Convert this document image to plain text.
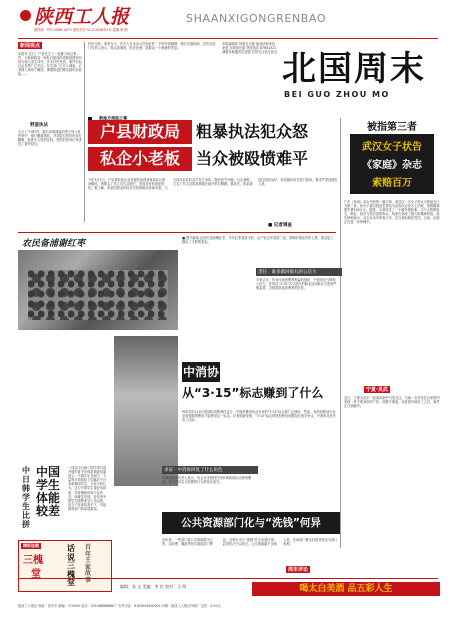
陕西工人报	SHAANXIGONGRENBAO
国内统一刊号 CN61-0071 邮发代号 51-2 2006年3月 星期 第 期
新闻视点
本报讯 近日，户县发生了一起暴力拆迁事件，当地财政局一处私自建设的老板因债务纠纷与他人发生冲突，多名村民受伤。事件引起社会各界广泛关注，有关部门已介入调查。记者深入现场了解到，事情的起因要从数年前说起……
野蛮执法
当天上午9时许，数名身着便装的男子闯入村民家中，强行搬离物品，并对阻拦的村民拳打脚踢，致使多人受伤住院。受伤村民向记者讲述了事件经过。
村民反映，事发当天，有关人员未出示任何证件，不听村民解释，强行实施拆除。县有关部门负责人表示，将认真调查，依法处理，给群众一个满意的答复。
新地方周报之事
本报编辑部 每周五出版 欢迎读者来信来电 反映身边事 热线电话 87654321 诚邀各地通讯员加盟 共同关注民生热点 北国周末
BEI GUO ZHOU MO
户县财政局	粗暴执法犯众怒
私企小老板	当众被殴愤难平
今年3月1日，户县某私营企业老板张某到县财政局反映问题时，被数名工作人员当众殴打，造成多处软组织损伤。据了解，张某因资金纠纷多次到财政局协商未果，当天再次前往时双方发生争执，随后冲突升级。目击者称，几名工作人员将其推倒在地并拳打脚踢。事发后，张某被送往医院治疗，其家属向有关部门投诉，要求严肃处理打人者。
■ 记者调查
被指第三者
武汉女子状告
《家庭》杂志
索赔百万
广东《家庭》杂志刊登的一篇文章，被武汉一名女子指认为影射自己为第三者，该女子遂以侵犯名誉权为由将杂志社告上法庭，索赔精神损失费100万元。据悉，文章讲述了一个婚外情故事，文中人物的姓名、职业、经历与原告高度吻合，给原告造成了极大的精神伤害。原告律师表示，杂志社未尽审查义务，应当承担相应责任。目前，此案正在进一步审理中。
宁夏·灵武
近日，宁夏灵武市一起离奇案件引发关注。当地一名村民在自家院内发现一具不明身份的尸体，经警方调查，死者系外地务工人员，案件正在侦破中。
农民备浦谢红枣
■ 图片新闻 农民们在晾晒红枣，今年红枣喜获丰收，亩产较去年提高三成，收购价格也有所上涨，果农脸上露出了丰收的笑容。
中日韩学生比拼
中国学生体能较差
一项由中日韩三国学者共同开展的青少年体质调查结果显示，中国学生在耐力、力量等多项指标上均落后于日本和韩国学生。专家分析认为，这与中国学生课业负担重、体育锻炼时间不足有关。调查还发现，近年来中国学生肥胖率呈上升趋势，视力不良率居高不下，引起教育部门的高度重视。
精彩连载
三槐
堂
话说三槐堂
百年王家故事
中消协
从“3·15”标志赚到了什么
每年的3月15日是国际消费者权益日，中国消费者协会发布的“3·15”标志被广泛使用。然而，有消息称部分企业需要缴纳费用才能使用这一标志。记者调查发现，“3·15”标志的授权使用问题存在诸多争议，中消协对此作出了回应。
求证：中消协回复了什么角色
中消协有关负责人表示，协会从未授权任何机构收取标志使用费用，对于冒用名义收费的行为将依法追究。
责任：谁来做回娘丸的公信力
专家认为，作为代表消费者利益的组织，中消协应当保持公信力，任何以“3·15”名义进行的商业活动都应当受到严格监管，否则将损害消费者的信任。
公共资源部门化与“洗钱”何异
近年来，一些部门将公共资源据为己有，以收费、摊派等形式谋取部门利益，这种行为与“洗钱”并无本质区别，必须依法予以纠正。公共资源属于全体公民，任何部门都无权将其转化为部门私利。
周末评论
编辑：张 文 美编：李 红 校对：王 明	喝太白美酒 品五彩人生
陕西工人报社 地址：西安市 邮编：710000 电话：029-88888888 广告许可证：6100004000001 印刷：陕西工人报社印刷厂 定价：0.50元
